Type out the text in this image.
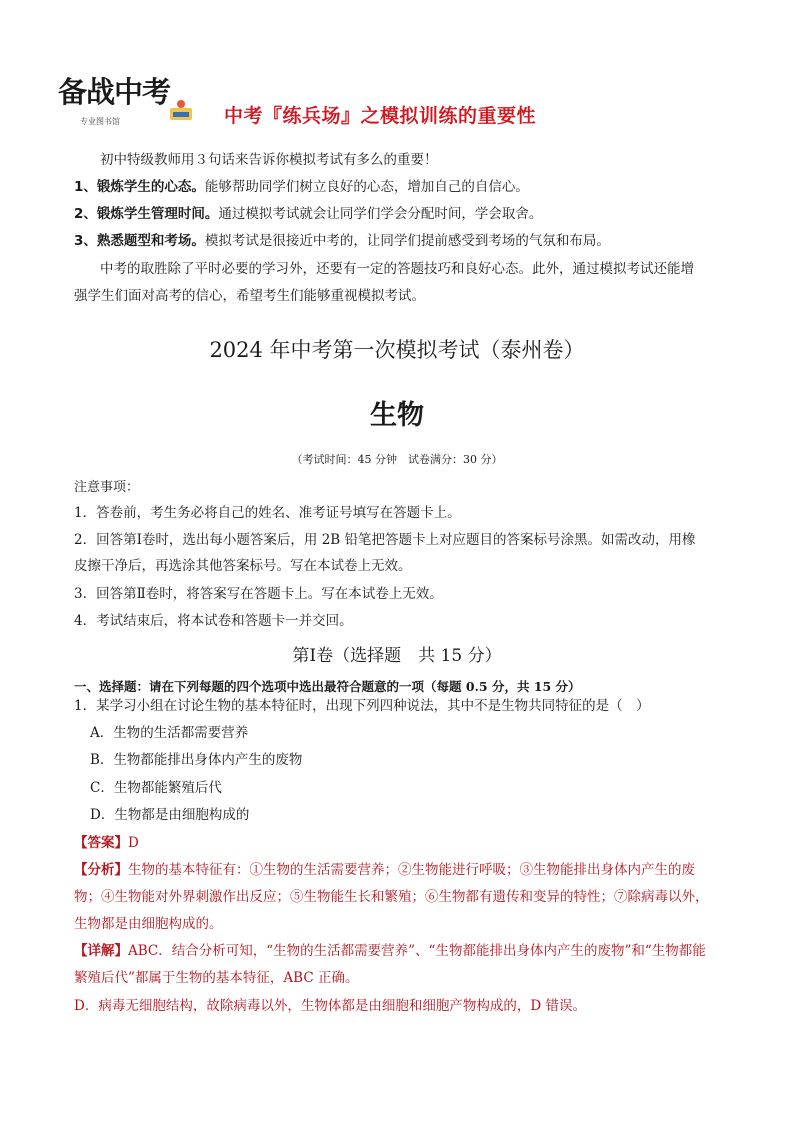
备战中考
专业图书馆	中考『练兵场』之模拟训练的重要性
初中特级教师用３句话来告诉你模拟考试有多么的重要！
1、锻炼学生的心态。能够帮助同学们树立良好的心态，增加自己的自信心。
2、锻炼学生管理时间。通过模拟考试就会让同学们学会分配时间，学会取舍。
3、熟悉题型和考场。模拟考试是很接近中考的，让同学们提前感受到考场的气氛和布局。
中考的取胜除了平时必要的学习外，还要有一定的答题技巧和良好心态。此外，通过模拟考试还能增
强学生们面对高考的信心，希望考生们能够重视模拟考试。
2024 年中考第一次模拟考试（泰州卷）
生物
（考试时间：45 分钟　试卷满分：30 分）
注意事项：
1．答卷前，考生务必将自己的姓名、准考证号填写在答题卡上。
2．回答第Ⅰ卷时，选出每小题答案后，用 2B 铅笔把答题卡上对应题目的答案标号涂黑。如需改动，用橡
皮擦干净后，再选涂其他答案标号。写在本试卷上无效。
3．回答第Ⅱ卷时，将答案写在答题卡上。写在本试卷上无效。
4．考试结束后，将本试卷和答题卡一并交回。
第Ⅰ卷（选择题　共 15 分）
一、选择题：请在下列每题的四个选项中选出最符合题意的一项（每题 0.5 分，共 15 分）
1．某学习小组在讨论生物的基本特征时，出现下列四种说法，其中不是生物共同特征的是（　）
A．生物的生活都需要营养
B．生物都能排出身体内产生的废物
C．生物都能繁殖后代
D．生物都是由细胞构成的
【答案】D
【分析】生物的基本特征有：①生物的生活需要营养；②生物能进行呼吸；③生物能排出身体内产生的废
物；④生物能对外界刺激作出反应；⑤生物能生长和繁殖；⑥生物都有遗传和变异的特性；⑦除病毒以外，
生物都是由细胞构成的。
【详解】ABC．结合分析可知，“生物的生活都需要营养”、“生物都能排出身体内产生的废物”和“生物都能
繁殖后代”都属于生物的基本特征，ABC 正确。
D．病毒无细胞结构，故除病毒以外，生物体都是由细胞和细胞产物构成的，D 错误。
